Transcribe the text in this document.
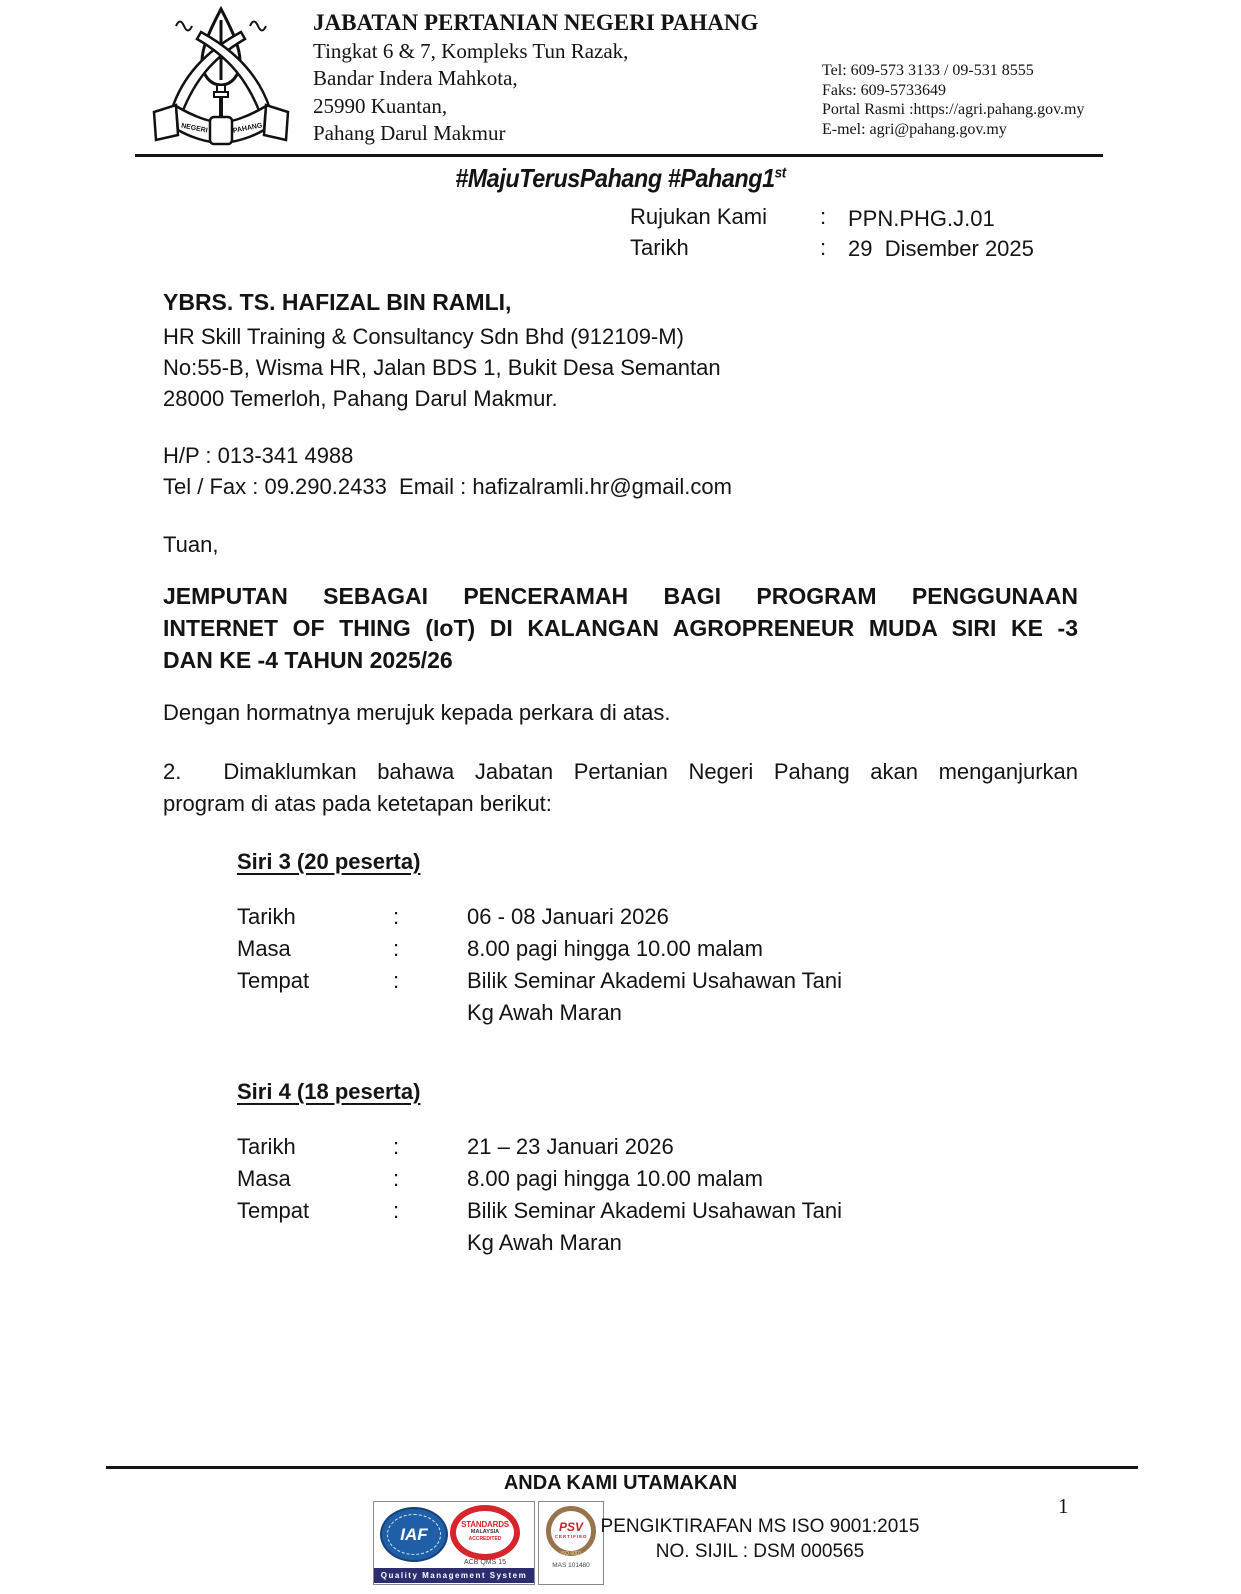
NEGERI	PAHANG
JABATAN PERTANIAN NEGERI PAHANG
Tingkat 6 & 7, Kompleks Tun Razak,
Bandar Indera Mahkota,
25990 Kuantan,
Pahang Darul Makmur
Tel: 609-573 3133 / 09-531 8555
Faks: 609-5733649
Portal Rasmi :https://agri.pahang.gov.my
E-mel: agri@pahang.gov.my
#MajuTerusPahang #Pahang1st
Rujukan Kami : PPN.PHG.J.01
Tarikh	: 29  Disember 2025
YBRS. TS. HAFIZAL BIN RAMLI,
HR Skill Training & Consultancy Sdn Bhd (912109-M)
No:55-B, Wisma HR, Jalan BDS 1, Bukit Desa Semantan
28000 Temerloh, Pahang Darul Makmur.
H/P : 013-341 4988
Tel / Fax : 09.290.2433  Email : hafizalramli.hr@gmail.com
Tuan,
JEMPUTAN SEBAGAI PENCERAMAH BAGI PROGRAM PENGGUNAAN
INTERNET OF THING (IoT) DI KALANGAN AGROPRENEUR MUDA SIRI KE -3
DAN KE -4 TAHUN 2025/26
Dengan hormatnya merujuk kepada perkara di atas.
2. Dimaklumkan bahawa Jabatan Pertanian Negeri Pahang akan menganjurkan
program di atas pada ketetapan berikut:
Siri 3 (20 peserta)
Tarikh	:	06 - 08 Januari 2026
Masa	:	8.00 pagi hingga 10.00 malam
Tempat	:	Bilik Seminar Akademi Usahawan Tani
Kg Awah Maran
Siri 4 (18 peserta)
Tarikh	:	21 – 23 Januari 2026
Masa	:	8.00 pagi hingga 10.00 malam
Tempat	:	Bilik Seminar Akademi Usahawan Tani
Kg Awah Maran
ANDA KAMI UTAMAKAN
IAF	STANDARDS
MALAYSIA
ACCREDITED
ACB QMS 15
Quality Management System
PSV
CERTIFIED
ISO 9001
MAS 101480
PENGIKTIRAFAN MS ISO 9001:2015
NO. SIJIL : DSM 000565
1
